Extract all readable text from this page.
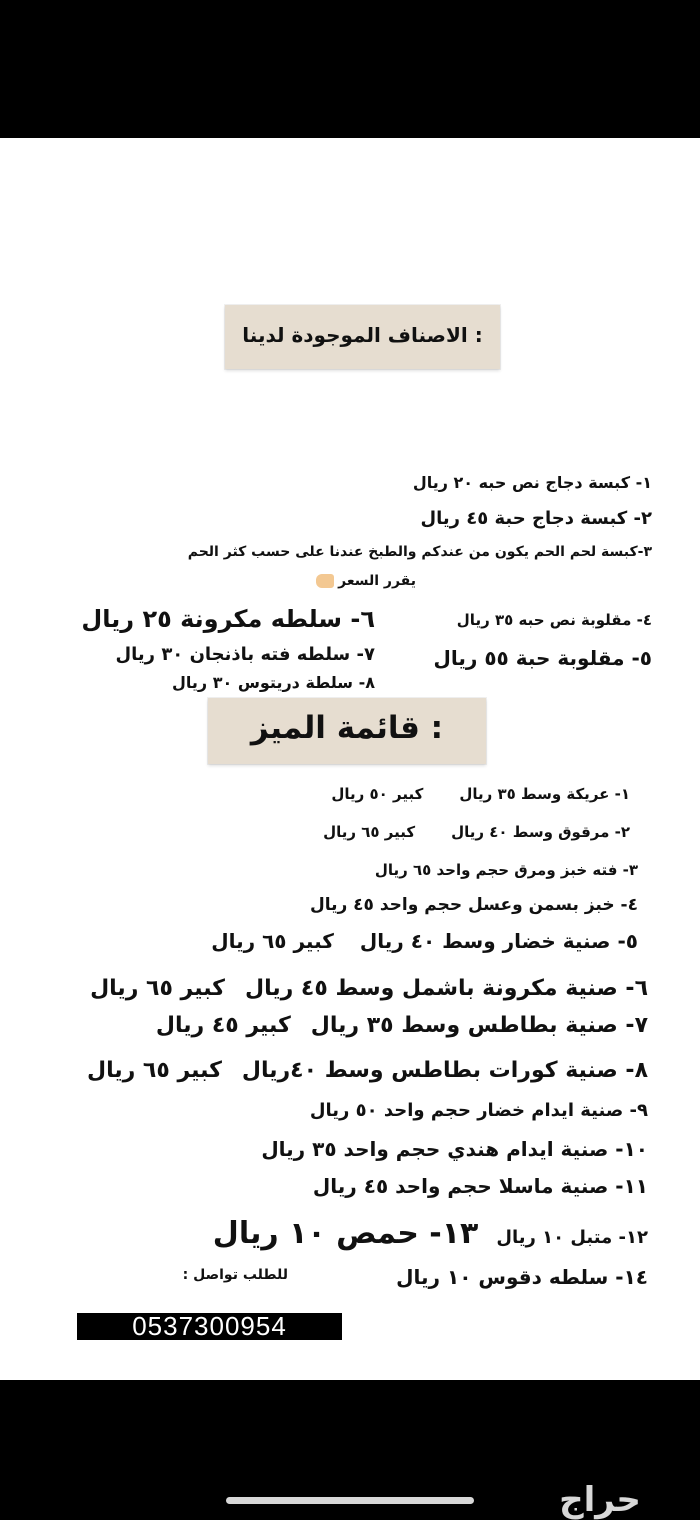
الاصناف الموجودة لدينا :
١- كبسة دجاج نص حبه ٢٠ ريال
٢- كبسة دجاج حبة ٤٥ ريال
٣-كبسة لحم الحم يكون من عندكم والطبخ عندنا على حسب كثر الحم
يقرر السعر
٤- مقلوبة نص حبه ٣٥ ريال
٦- سلطه مكرونة ٢٥ ريال
٥- مقلوبة حبة ٥٥ ريال
٧- سلطه فته باذنجان ٣٠ ريال
٨- سلطة دريتوس ٣٠ ريال
قائمة الميز :
١- عريكة وسط ٣٥ ريالكبير ٥٠ ريال
٢- مرقوق وسط ٤٠ ريالكبير ٦٥ ريال
٣- فته خبز ومرق حجم واحد ٦٥ ريال
٤- خبز بسمن وعسل حجم واحد ٤٥ ريال
٥- صنية خضار وسط ٤٠ ريالكبير ٦٥ ريال
٦- صنية مكرونة باشمل وسط ٤٥ ريالكبير ٦٥ ريال
٧- صنية بطاطس وسط ٣٥ ريالكبير ٤٥ ريال
٨- صنية كورات بطاطس وسط ٤٠ريالكبير ٦٥ ريال
٩- صنية ايدام خضار حجم واحد ٥٠ ريال
١٠- صنية ايدام هندي حجم واحد ٣٥ ريال
١١- صنية ماسلا حجم واحد ٤٥ ريال
١٢- متبل ١٠ ريال١٣- حمص ١٠ ريال
١٤- سلطه دقوس ١٠ ريال
للطلب تواصل :
0537300954
حراج
